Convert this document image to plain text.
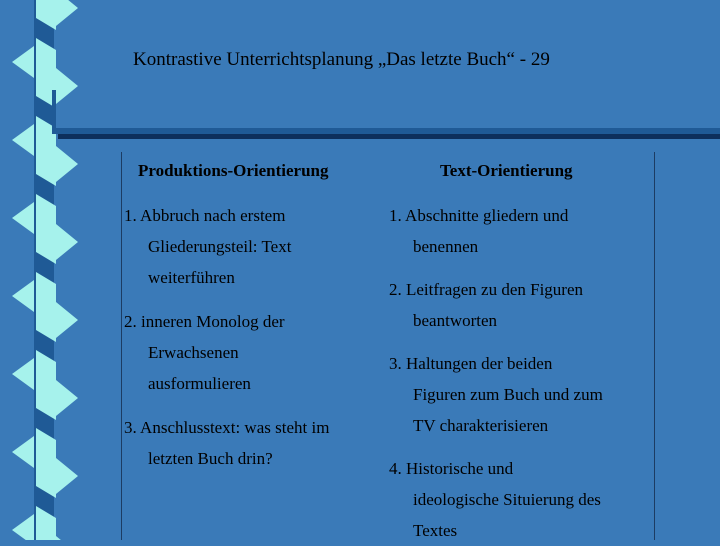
Kontrastive Unterrichtsplanung „Das letzte Buch“ - 29
Produktions-Orientierung	Text-Orientierung
1. Abbruch nach erstem
Gliederungsteil: Text
weiterführen
2. inneren Monolog der
Erwachsenen
ausformulieren
3. Anschlusstext: was steht im
letzten Buch drin?
1. Abschnitte gliedern und
benennen
2. Leitfragen zu den Figuren
beantworten
3. Haltungen der beiden
Figuren zum Buch und zum
TV charakterisieren
4. Historische und
ideologische Situierung des
Textes
